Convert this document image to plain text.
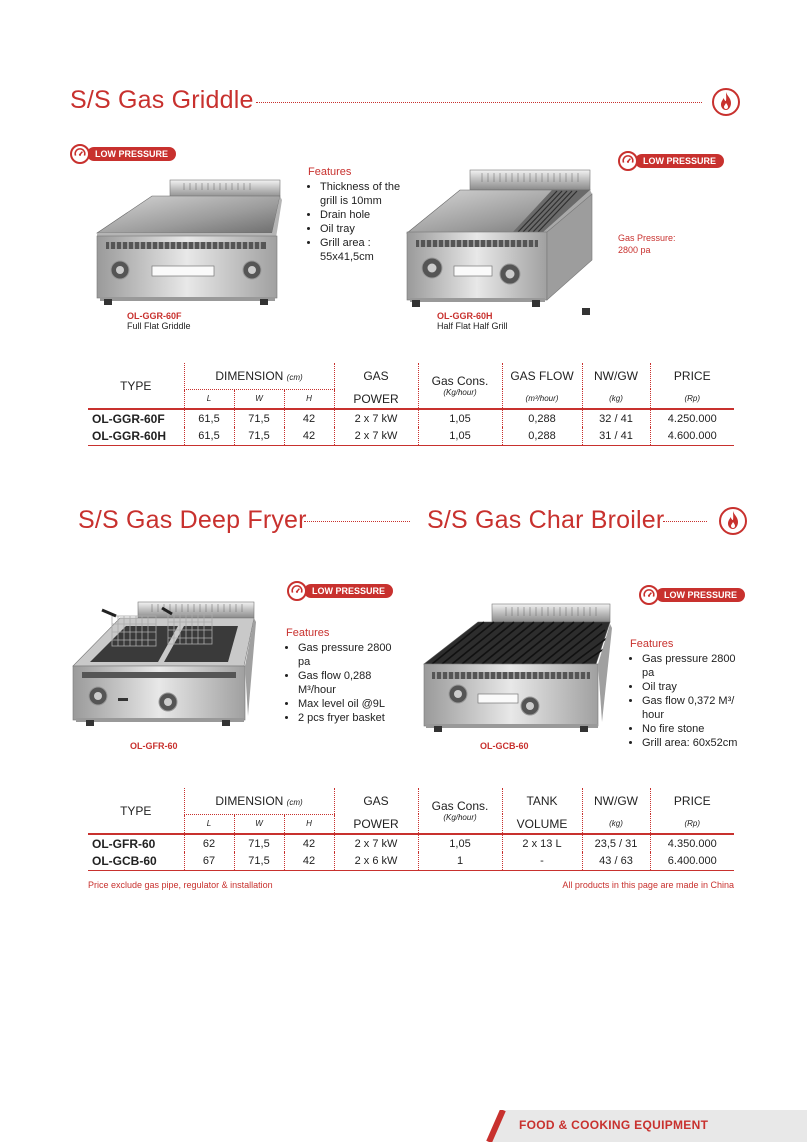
S/S Gas Griddle
LOW PRESSURE
OL-GGR-60F
Full Flat Griddle
Features
• Thickness of the grill is 10mm
• Drain hole
• Oil tray
• Grill area : 55x41,5cm
OL-GGR-60H
Half Flat Half Grill
LOW PRESSURE
Gas Pressure:
2800 pa
TYPE	DIMENSION (cm)			GAS	Gas Cons.
(Kg/hour)	GAS FLOW	NW/GW	PRICE
	L	W	H	POWER		(m³/hour)	(kg)	(Rp)
OL-GGR-60F	61,5	71,5	42	2 x 7 kW	1,05	0,288	32 / 41	4.250.000
OL-GGR-60H	61,5	71,5	42	2 x 7 kW	1,05	0,288	31 / 41	4.600.000
S/S Gas Deep Fryer	S/S Gas Char Broiler
OL-GFR-60
LOW PRESSURE
Features
• Gas pressure 2800 pa
• Gas flow 0,288 M³/hour
• Max level oil @9L
• 2 pcs fryer basket
OL-GCB-60
LOW PRESSURE
Features
• Gas pressure 2800 pa
• Oil tray
• Gas flow 0,372 M³/ hour
• No fire stone
• Grill area: 60x52cm
TYPE	DIMENSION (cm)			GAS	Gas Cons.
(Kg/hour)	TANK	NW/GW	PRICE
	L	W	H	POWER		VOLUME	(kg)	(Rp)
OL-GFR-60	62	71,5	42	2 x 7 kW	1,05	2 x 13 L	23,5 / 31	4.350.000
OL-GCB-60	67	71,5	42	2 x 6 kW	1	-	43 / 63	6.400.000
Price exclude gas pipe, regulator & installation	All products in this page are made in China
FOOD & COOKING EQUIPMENT
